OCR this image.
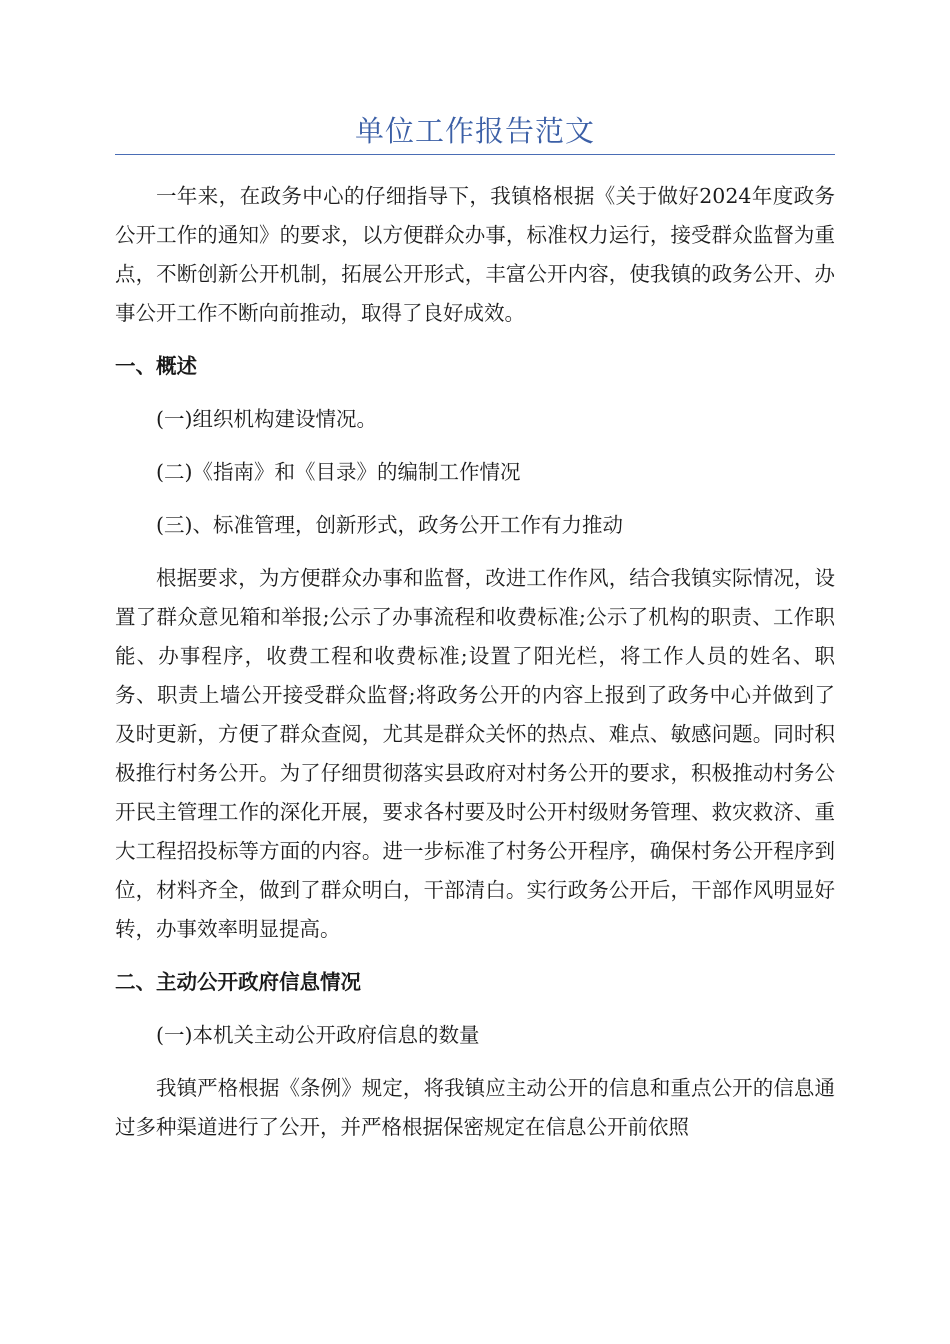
单位工作报告范文

一年来，在政务中心的仔细指导下，我镇格根据《关于做好2024年度政务公开工作的通知》的要求，以方便群众办事，标准权力运行，接受群众监督为重点，不断创新公开机制，拓展公开形式，丰富公开内容，使我镇的政务公开、办事公开工作不断向前推动，取得了良好成效。

一、概述

(一)组织机构建设情况。

(二)《指南》和《目录》的编制工作情况

(三)、标准管理，创新形式，政务公开工作有力推动

根据要求，为方便群众办事和监督，改进工作作风，结合我镇实际情况，设置了群众意见箱和举报;公示了办事流程和收费标准;公示了机构的职责、工作职能、办事程序，收费工程和收费标准;设置了阳光栏，将工作人员的姓名、职务、职责上墙公开接受群众监督;将政务公开的内容上报到了政务中心并做到了及时更新，方便了群众查阅，尤其是群众关怀的热点、难点、敏感问题。同时积极推行村务公开。为了仔细贯彻落实县政府对村务公开的要求，积极推动村务公开民主管理工作的深化开展，要求各村要及时公开村级财务管理、救灾救济、重大工程招投标等方面的内容。进一步标准了村务公开程序，确保村务公开程序到位，材料齐全，做到了群众明白，干部清白。实行政务公开后，干部作风明显好转，办事效率明显提高。

二、主动公开政府信息情况

(一)本机关主动公开政府信息的数量

我镇严格根据《条例》规定，将我镇应主动公开的信息和重点公开的信息通过多种渠道进行了公开，并严格根据保密规定在信息公开前依照
